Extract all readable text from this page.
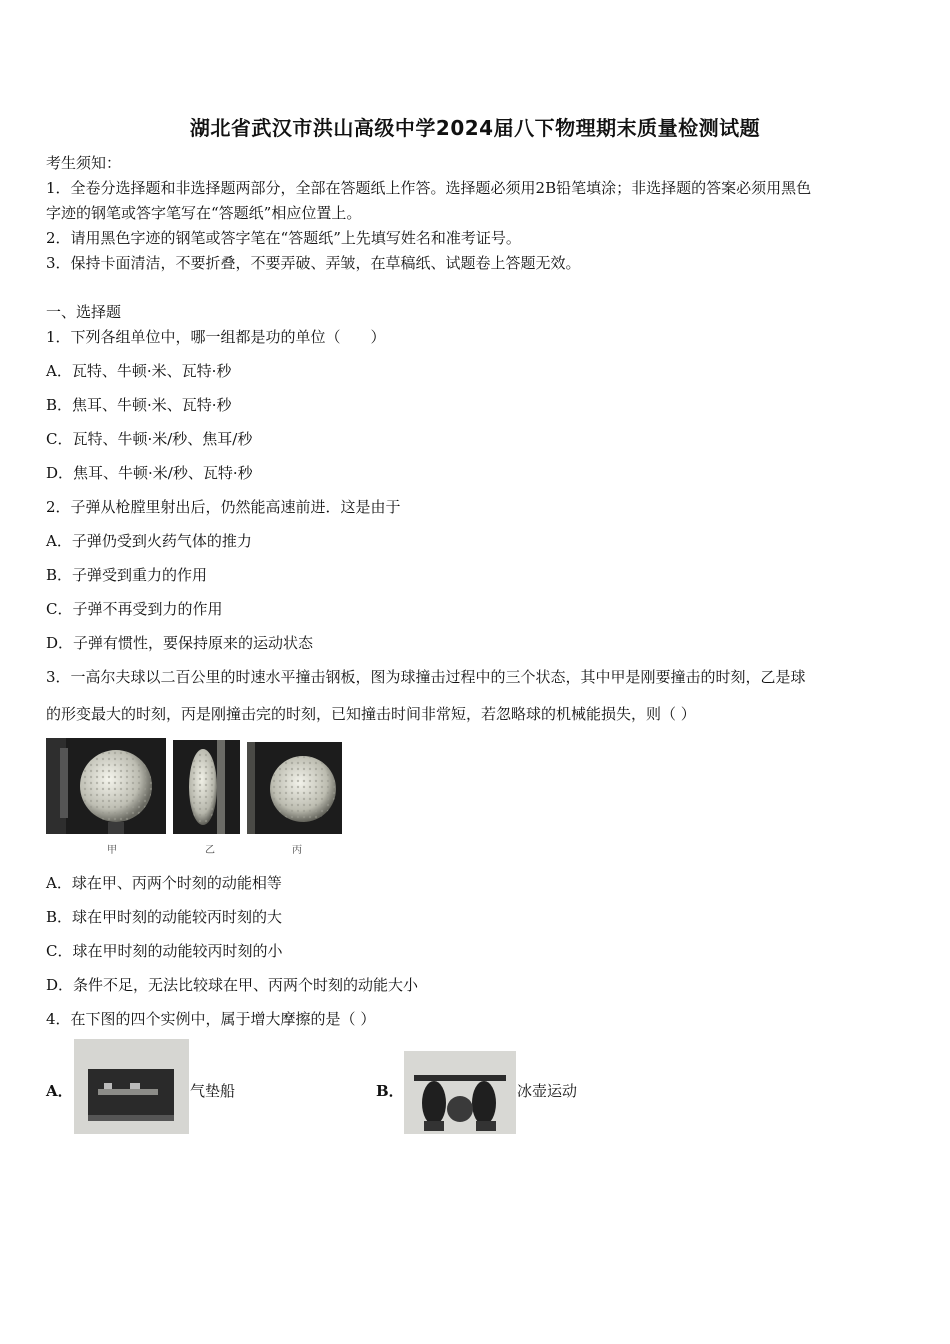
湖北省武汉市洪山高级中学2024届八下物理期末质量检测试题
考生须知：
1．全卷分选择题和非选择题两部分，全部在答题纸上作答。选择题必须用2B铅笔填涂；非选择题的答案必须用黑色
字迹的钢笔或答字笔写在“答题纸”相应位置上。
2．请用黑色字迹的钢笔或答字笔在“答题纸”上先填写姓名和准考证号。
3．保持卡面清洁，不要折叠，不要弄破、弄皱，在草稿纸、试题卷上答题无效。
一、选择题
1．下列各组单位中，哪一组都是功的单位（　　）
A．瓦特、牛顿·米、瓦特·秒
B．焦耳、牛顿·米、瓦特·秒
C．瓦特、牛顿·米/秒、焦耳/秒
D．焦耳、牛顿·米/秒、瓦特·秒
2．子弹从枪膛里射出后，仍然能高速前进．这是由于
A．子弹仍受到火药气体的推力
B．子弹受到重力的作用
C．子弹不再受到力的作用
D．子弹有惯性，要保持原来的运动状态
3．一高尔夫球以二百公里的时速水平撞击钢板，图为球撞击过程中的三个状态，其中甲是刚要撞击的时刻，乙是球
的形变最大的时刻，丙是刚撞击完的时刻，已知撞击时间非常短，若忽略球的机械能损失，则（ ）
甲	乙	丙
A．球在甲、丙两个时刻的动能相等
B．球在甲时刻的动能较丙时刻的大
C．球在甲时刻的动能较丙时刻的小
D．条件不足，无法比较球在甲、丙两个时刻的动能大小
4．在下图的四个实例中，属于增大摩擦的是（ ）
A．	气垫船	B．	冰壶运动
